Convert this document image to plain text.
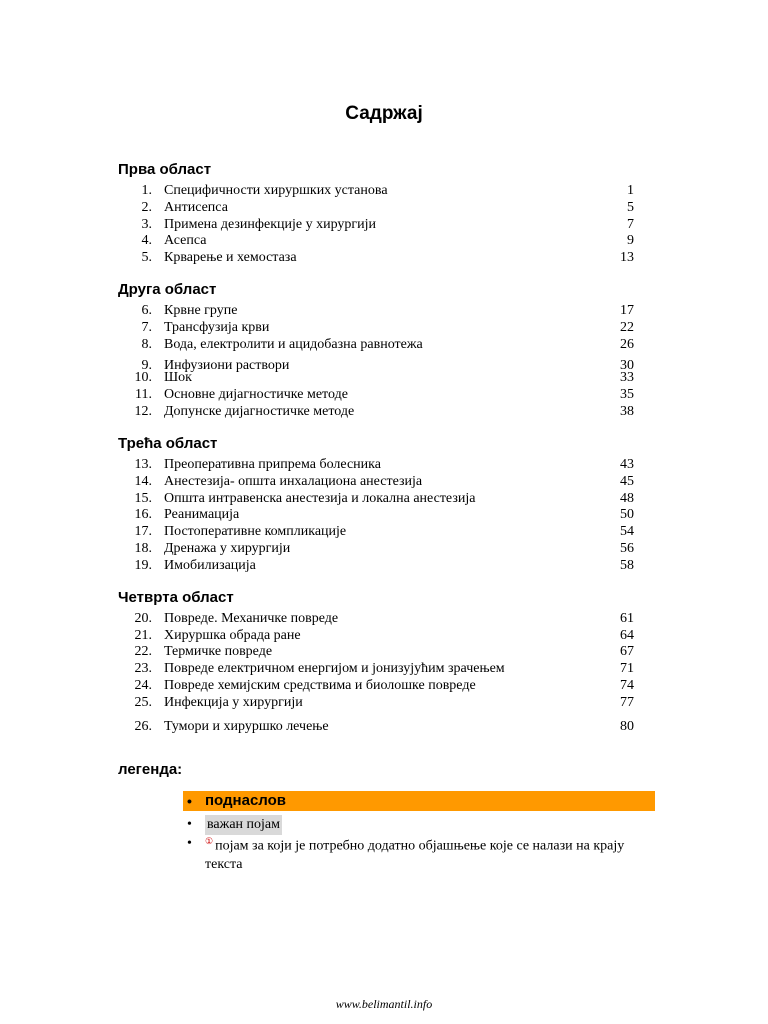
Садржај
Прва област
1. Специфичности хируршких установа	1
2. Антисепса	5
3. Примена дезинфекције у хирургији	7
4. Асепса	9
5. Крварење и хемостаза	13
Друга област
6. Крвне групе	17
7. Трансфузија крви	22
8. Вода, електролити и ацидобазна равнотежа	26
9. Инфузиони раствори	30
10. Шок	33
11. Основне дијагностичке методе	35
12. Допунске дијагностичке методе	38
Трећа област
13. Преоперативна припрема болесника	43
14. Анестезија- општа инхалациона анестезија	45
15. Општа интравенска анестезија и локална анестезија	48
16. Реанимација	50
17. Постоперативне компликације	54
18. Дренажа у хирургији	56
19. Имобилизација	58
Четврта област
20. Повреде. Механичке повреде	61
21. Хируршка обрада ране	64
22. Термичке повреде	67
23. Повреде електричном енергијом и јонизујућим зрачењем	71
24. Повреде хемијским средствима и биолошке повреде	74
25. Инфекција у хирургији	77
26. Тумори и хируршко лечење	80
легенда:
• поднаслов
• важан појам
• ① појам за који је потребно додатно објашњење које се налази на крају текста
www.belimantil.info
